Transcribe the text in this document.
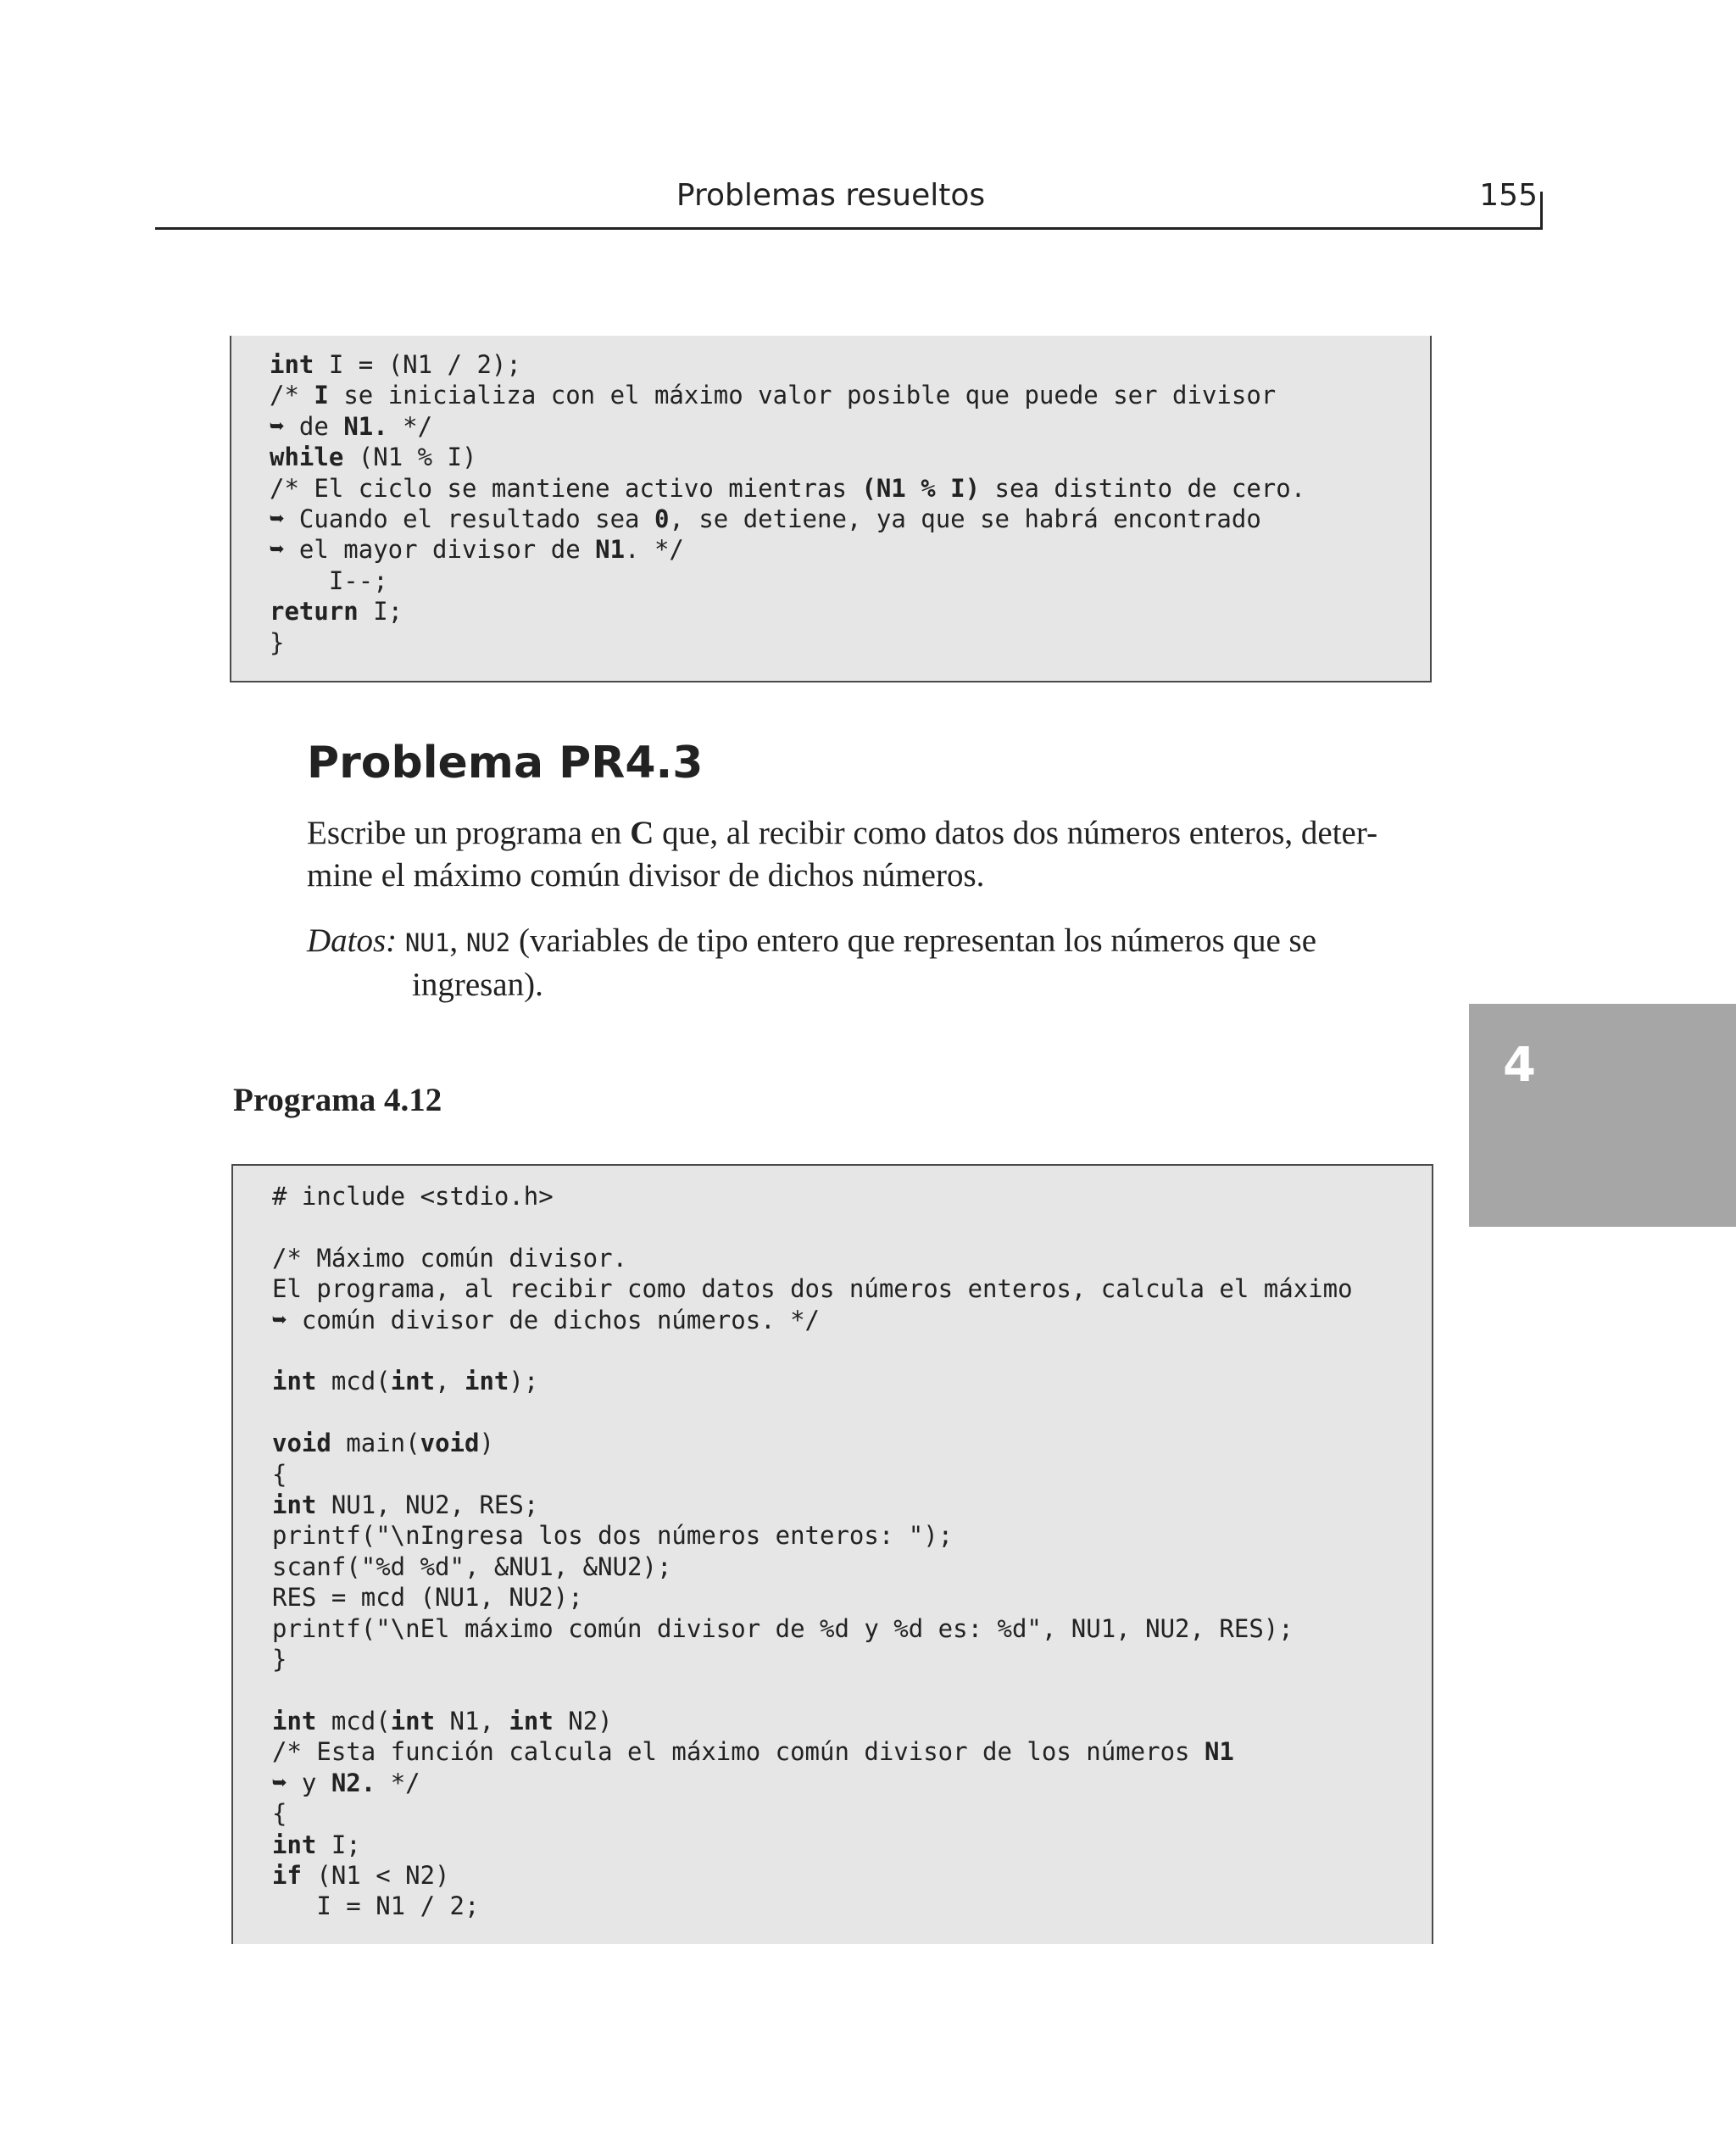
Problemas resueltos	155
int I = (N1 / 2);
/* I se inicializa con el máximo valor posible que puede ser divisor
➥ de N1. */
while (N1 % I)
/* El ciclo se mantiene activo mientras (N1 % I) sea distinto de cero.
➥ Cuando el resultado sea 0, se detiene, ya que se habrá encontrado
➥ el mayor divisor de N1. */
I--;
return I;
}
Problema PR4.3
Escribe un programa en C que, al recibir como datos dos números enteros, deter-mine el máximo común divisor de dichos números.
Datos: NU1, NU2 (variables de tipo entero que representan los números que se
ingresan).
Programa 4.12
# include <stdio.h>

/* Máximo común divisor.
El programa, al recibir como datos dos números enteros, calcula el máximo
➥ común divisor de dichos números. */

int mcd(int, int);

void main(void)
{
int NU1, NU2, RES;
printf("\nIngresa los dos números enteros: ");
scanf("%d %d", &NU1, &NU2);
RES = mcd (NU1, NU2);
printf("\nEl máximo común divisor de %d y %d es: %d", NU1, NU2, RES);
}

int mcd(int N1, int N2)
/* Esta función calcula el máximo común divisor de los números N1
➥ y N2. */
{
int I;
if (N1 < N2)
I = N1 / 2;
4
